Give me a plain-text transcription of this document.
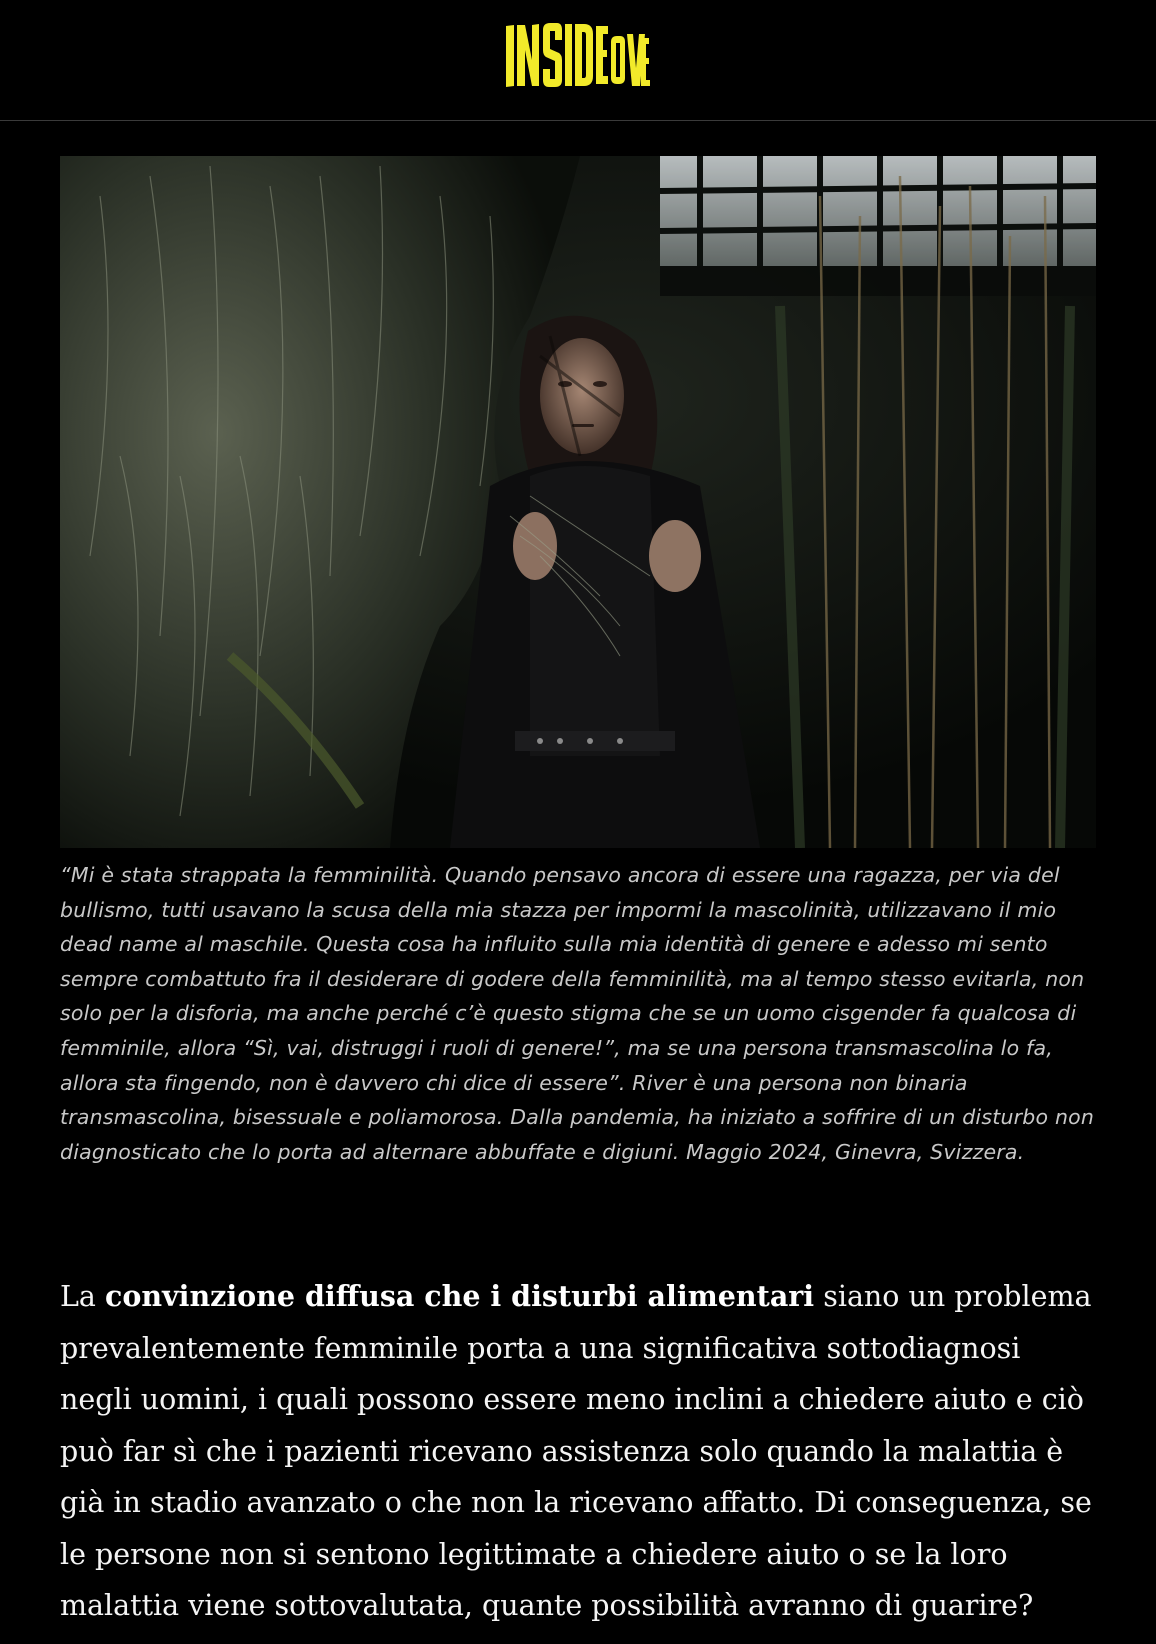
“Mi è stata strappata la femminilità. Quando pensavo ancora di essere una ragazza, per via del bullismo, tutti usavano la scusa della mia stazza per impormi la mascolinità, utilizzavano il mio dead name al maschile. Questa cosa ha influito sulla mia identità di genere e adesso mi sento sempre combattuto fra il desiderare di godere della femminilità, ma al tempo stesso evitarla, non solo per la disforia, ma anche perché c’è questo stigma che se un uomo cisgender fa qualcosa di femminile, allora “Sì, vai, distruggi i ruoli di genere!”, ma se una persona transmascolina lo fa, allora sta fingendo, non è davvero chi dice di essere”. River è una persona non binaria transmascolina, bisessuale e poliamorosa. Dalla pandemia, ha iniziato a soffrire di un disturbo non diagnosticato che lo porta ad alternare abbuffate e digiuni. Maggio 2024, Ginevra, Svizzera.

La convinzione diffusa che i disturbi alimentari siano un problema prevalentemente femminile porta a una significativa sottodiagnosi negli uomini, i quali possono essere meno inclini a chiedere aiuto e ciò può far sì che i pazienti ricevano assistenza solo quando la malattia è già in stadio avanzato o che non la ricevano affatto. Di conseguenza, se le persone non si sentono legittimate a chiedere aiuto o se la loro malattia viene sottovalutata, quante possibilità avranno di guarire?
